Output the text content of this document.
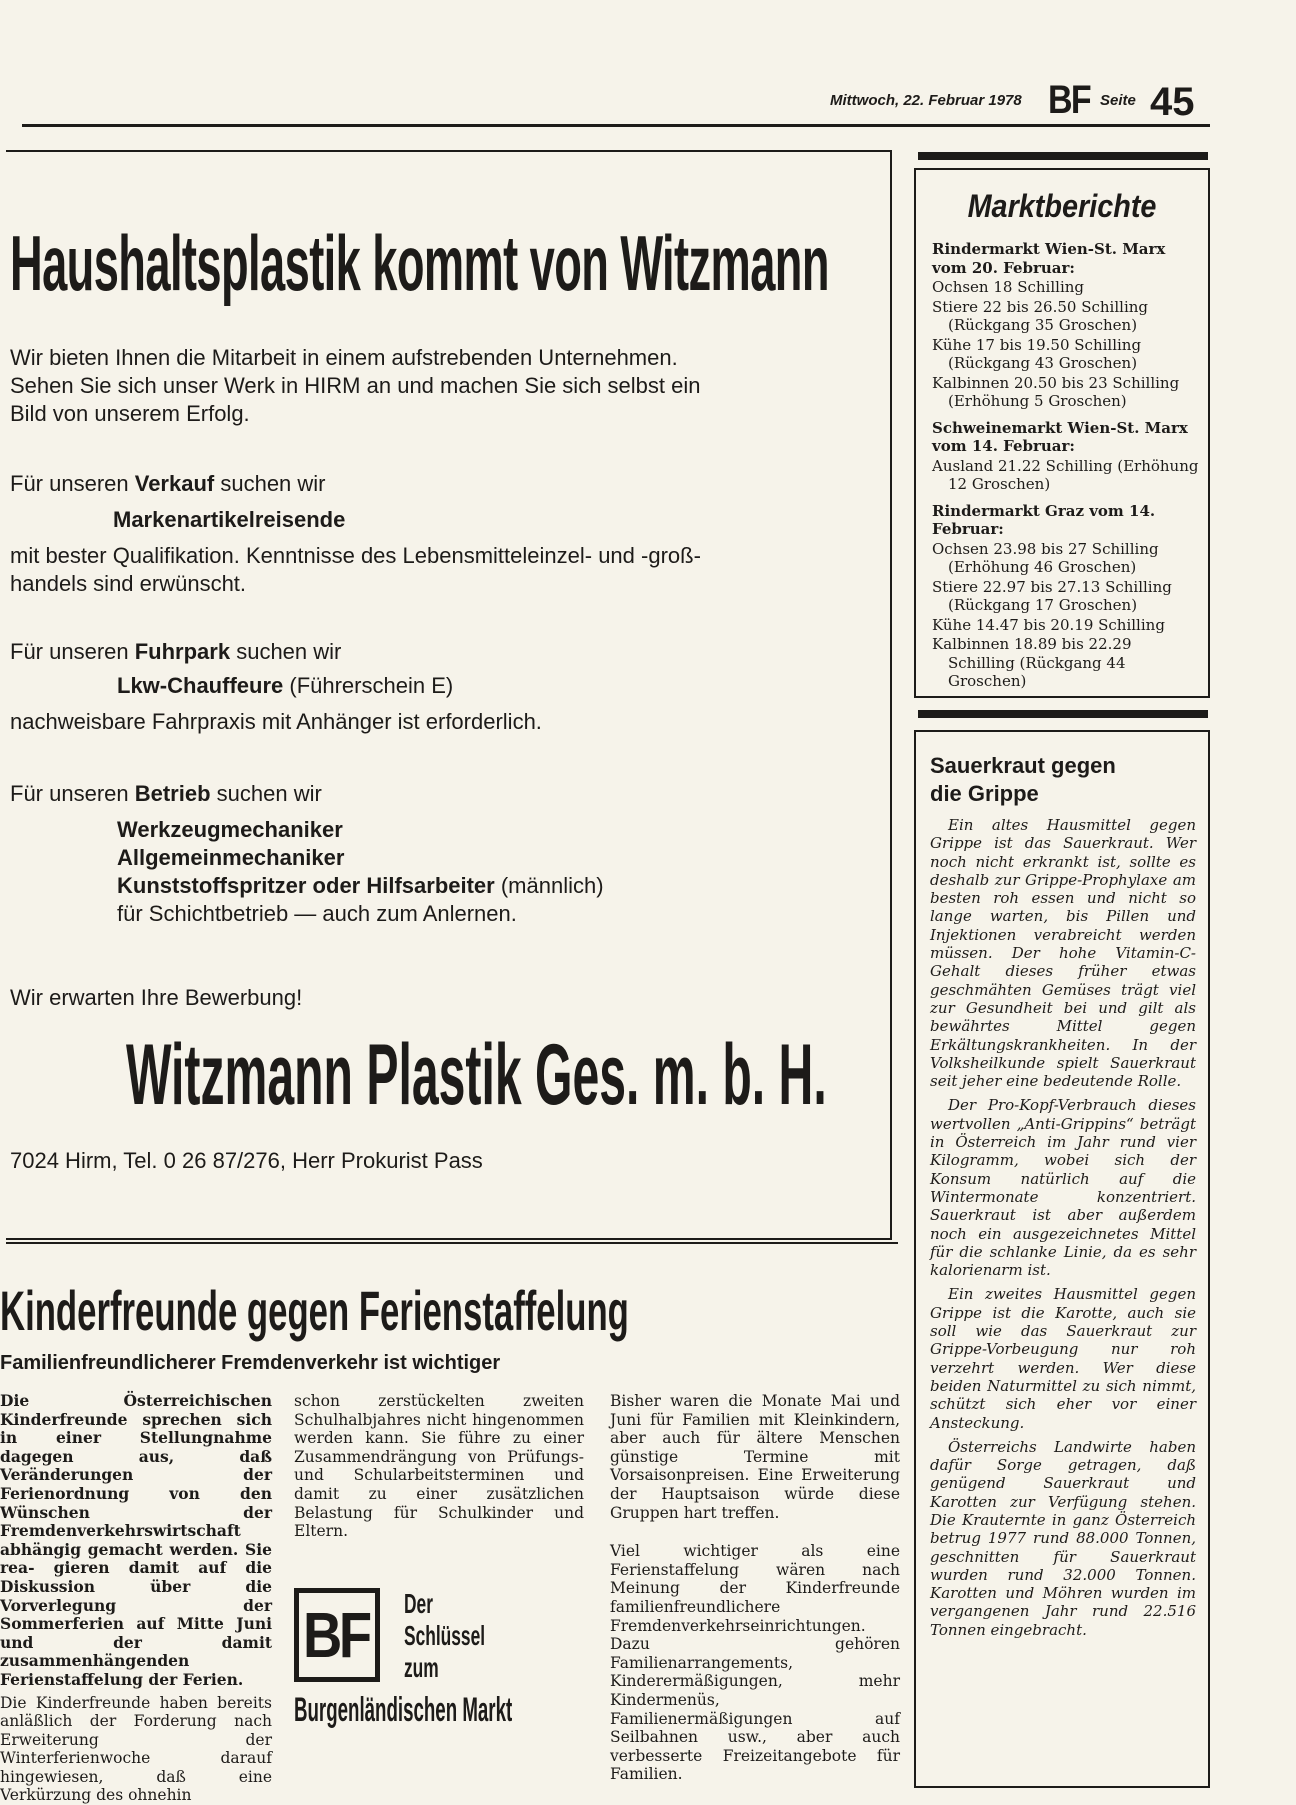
Mittwoch, 22. Februar 1978 BF Seite 45
Haushaltsplastik kommt von Witzmann
Wir bieten Ihnen die Mitarbeit in einem aufstrebenden Unternehmen.
Sehen Sie sich unser Werk in HIRM an und machen Sie sich selbst ein
Bild von unserem Erfolg.
Für unseren Verkauf suchen wir
Markenartikelreisende
mit bester Qualifikation. Kenntnisse des Lebensmitteleinzel- und -groß-
handels sind erwünscht.
Für unseren Fuhrpark suchen wir
Lkw-Chauffeure (Führerschein E)
nachweisbare Fahrpraxis mit Anhänger ist erforderlich.
Für unseren Betrieb suchen wir
Werkzeugmechaniker
Allgemeinmechaniker
Kunststoffspritzer oder Hilfsarbeiter (männlich)
für Schichtbetrieb — auch zum Anlernen.
Wir erwarten Ihre Bewerbung!
Witzmann Plastik Ges. m. b. H.
7024 Hirm, Tel. 0 26 87/276, Herr Prokurist Pass
Kinderfreunde gegen Ferienstaffelung
Familienfreundlicherer Fremdenverkehr ist wichtiger

Die Österreichischen Kinderfreunde sprechen sich in einer Stellungnahme dagegen aus, daß Veränderungen der Ferienordnung von den Wünschen der Fremdenverkehrswirtschaft abhängig gemacht werden. Sie rea- gieren damit auf die Diskussion über die Vorverlegung der Sommerferien auf Mitte Juni und der damit zusammenhängenden Ferienstaffelung der Ferien.

Die Kinderfreunde haben bereits anläßlich der Forderung nach Erweiterung der Winterferienwoche darauf hingewiesen, daß eine Verkürzung des ohnehin

schon zerstückelten zweiten Schulhalbjahres nicht hingenommen werden kann. Sie führe zu einer Zusammendrängung von Prüfungs- und Schularbeitsterminen und damit zu einer zusätzlichen Belastung für Schulkinder und Eltern.

Bisher waren die Monate Mai und Juni für Familien mit Kleinkindern, aber auch für ältere Menschen günstige Termine mit Vorsaisonpreisen. Eine Erweiterung der Hauptsaison würde diese Gruppen hart treffen.

Viel wichtiger als eine Ferienstaffelung wären nach Meinung der Kinderfreunde familienfreundlichere Fremdenverkehrseinrichtungen. Dazu gehören Familienarrangements, Kinderermäßigungen, mehr Kindermenüs, Familienermäßigungen auf Seilbahnen usw., aber auch verbesserte Freizeitangebote für Familien.

BF Der
Schlüssel
zum
Burgenländischen Markt
Marktberichte
Rindermarkt Wien-St. Marx vom 20. Februar:
Ochsen 18 Schilling
Stiere 22 bis 26.50 Schilling (Rückgang 35 Groschen)
Kühe 17 bis 19.50 Schilling (Rückgang 43 Groschen)
Kalbinnen 20.50 bis 23 Schilling (Erhöhung 5 Groschen)
Schweinemarkt Wien-St. Marx vom 14. Februar:
Ausland 21.22 Schilling (Erhöhung 12 Groschen)
Rindermarkt Graz vom 14. Februar:
Ochsen 23.98 bis 27 Schilling (Erhöhung 46 Groschen)
Stiere 22.97 bis 27.13 Schilling (Rückgang 17 Groschen)
Kühe 14.47 bis 20.19 Schilling
Kalbinnen 18.89 bis 22.29 Schilling (Rückgang 44 Groschen)
Sauerkraut gegen
die Grippe

Ein altes Hausmittel gegen Grippe ist das Sauerkraut. Wer noch nicht erkrankt ist, sollte es deshalb zur Grippe-Prophylaxe am besten roh essen und nicht so lange warten, bis Pillen und Injektionen verabreicht werden müssen. Der hohe Vitamin-C-Gehalt dieses früher etwas geschmähten Gemüses trägt viel zur Gesundheit bei und gilt als bewährtes Mittel gegen Erkältungskrankheiten. In der Volksheilkunde spielt Sauerkraut seit jeher eine bedeutende Rolle.

Der Pro-Kopf-Verbrauch dieses wertvollen „Anti-Grippins“ beträgt in Österreich im Jahr rund vier Kilogramm, wobei sich der Konsum natürlich auf die Wintermonate konzentriert. Sauerkraut ist aber außerdem noch ein ausgezeichnetes Mittel für die schlanke Linie, da es sehr kalorienarm ist.

Ein zweites Hausmittel gegen Grippe ist die Karotte, auch sie soll wie das Sauerkraut zur Grippe-Vorbeugung nur roh verzehrt werden. Wer diese beiden Naturmittel zu sich nimmt, schützt sich eher vor einer Ansteckung.

Österreichs Landwirte haben dafür Sorge getragen, daß genügend Sauerkraut und Karotten zur Verfügung stehen. Die Krauternte in ganz Österreich betrug 1977 rund 88.000 Tonnen, geschnitten für Sauerkraut wurden rund 32.000 Tonnen. Karotten und Möhren wurden im vergangenen Jahr rund 22.516 Tonnen eingebracht.
